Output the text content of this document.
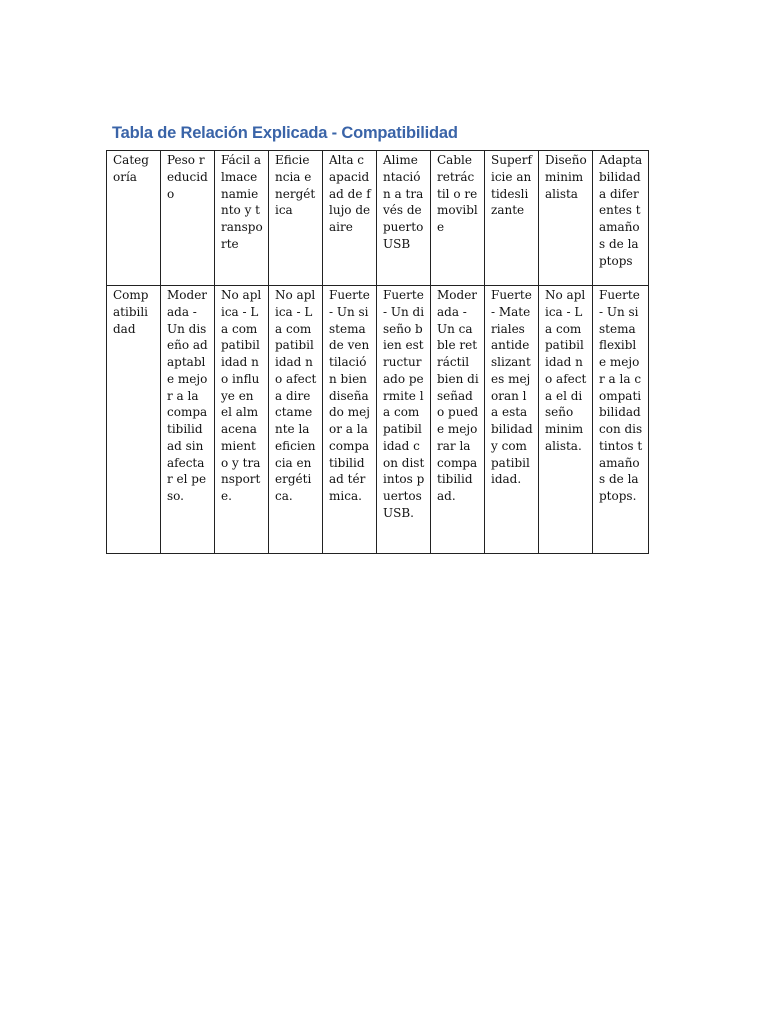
Tabla de Relación Explicada - Compatibilidad
Categoría	Peso reducido	Fácil almacenamiento y transporte	Eficiencia energética	Alta capacidad de flujo de aire	Alimentación a través de puerto USB	Cable retráctil o removible	Superficie antideslizante	Diseño minimalista	Adaptabilidad a diferentes tamaños de laptops
Compatibilidad	Moderada - Un diseño adaptable mejor a la compatibilidad sin afectar el peso.	No aplica - La compatibilidad no influye en el almacenamiento y transporte.	No aplica - La compatibilidad no afecta directamente la eficiencia energética.	Fuerte - Un sistema de ventilación bien diseñado mejor a la compatibilidad térmica.	Fuerte - Un diseño bien estructurado permite la compatibilidad con distintos puertos USB.	Moderada - Un cable retráctil bien diseñado puede mejorar la compatibilidad.	Fuerte - Materiales antideslizantes mejoran la estabilidad y compatibilidad.	No aplica - La compatibilidad no afecta el diseño minimalista.	Fuerte - Un sistema flexible mejor a la compatibilidad con distintos tamaños de laptops.
